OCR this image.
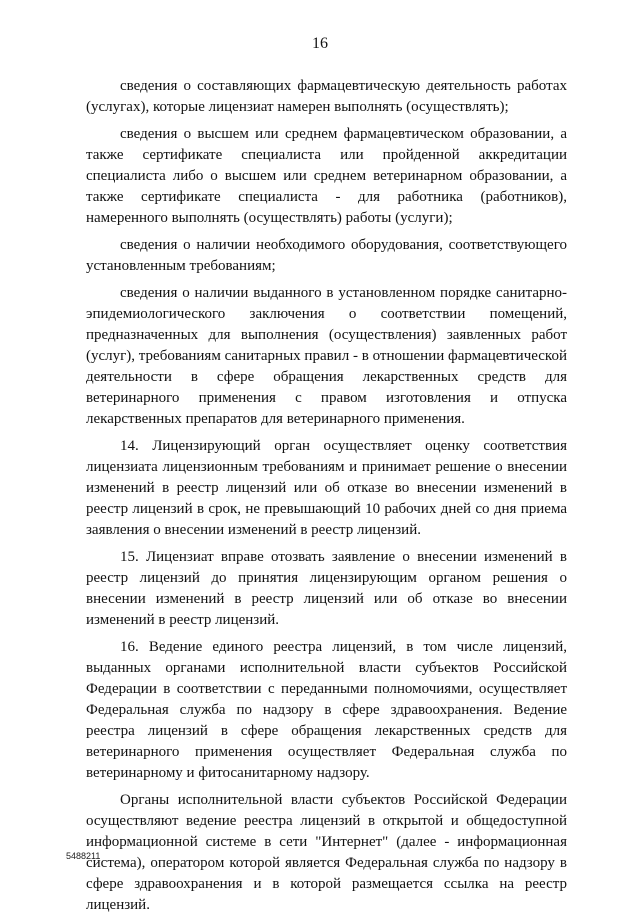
16

сведения о составляющих фармацевтическую деятельность работах (услугах), которые лицензиат намерен выполнять (осуществлять);

сведения о высшем или среднем фармацевтическом образовании, а также сертификате специалиста или пройденной аккредитации специалиста либо о высшем или среднем ветеринарном образовании, а также сертификате специалиста - для работника (работников), намеренного выполнять (осуществлять) работы (услуги);

сведения о наличии необходимого оборудования, соответствующего установленным требованиям;

сведения о наличии выданного в установленном порядке санитарно-эпидемиологического заключения о соответствии помещений, предназначенных для выполнения (осуществления) заявленных работ (услуг), требованиям санитарных правил - в отношении фармацевтической деятельности в сфере обращения лекарственных средств для ветеринарного применения с правом изготовления и отпуска лекарственных препаратов для ветеринарного применения.

14. Лицензирующий орган осуществляет оценку соответствия лицензиата лицензионным требованиям и принимает решение о внесении изменений в реестр лицензий или об отказе во внесении изменений в реестр лицензий в срок, не превышающий 10 рабочих дней со дня приема заявления о внесении изменений в реестр лицензий.

15. Лицензиат вправе отозвать заявление о внесении изменений в реестр лицензий до принятия лицензирующим органом решения о внесении изменений в реестр лицензий или об отказе во внесении изменений в реестр лицензий.

16. Ведение единого реестра лицензий, в том числе лицензий, выданных органами исполнительной власти субъектов Российской Федерации в соответствии с переданными полномочиями, осуществляет Федеральная служба по надзору в сфере здравоохранения. Ведение реестра лицензий в сфере обращения лекарственных средств для ветеринарного применения осуществляет Федеральная служба по ветеринарному и фитосанитарному надзору.

Органы исполнительной власти субъектов Российской Федерации осуществляют ведение реестра лицензий в открытой и общедоступной информационной системе в сети "Интернет" (далее - информационная система), оператором которой является Федеральная служба по надзору в сфере здравоохранения и в которой размещается ссылка на реестр лицензий.

5488211
